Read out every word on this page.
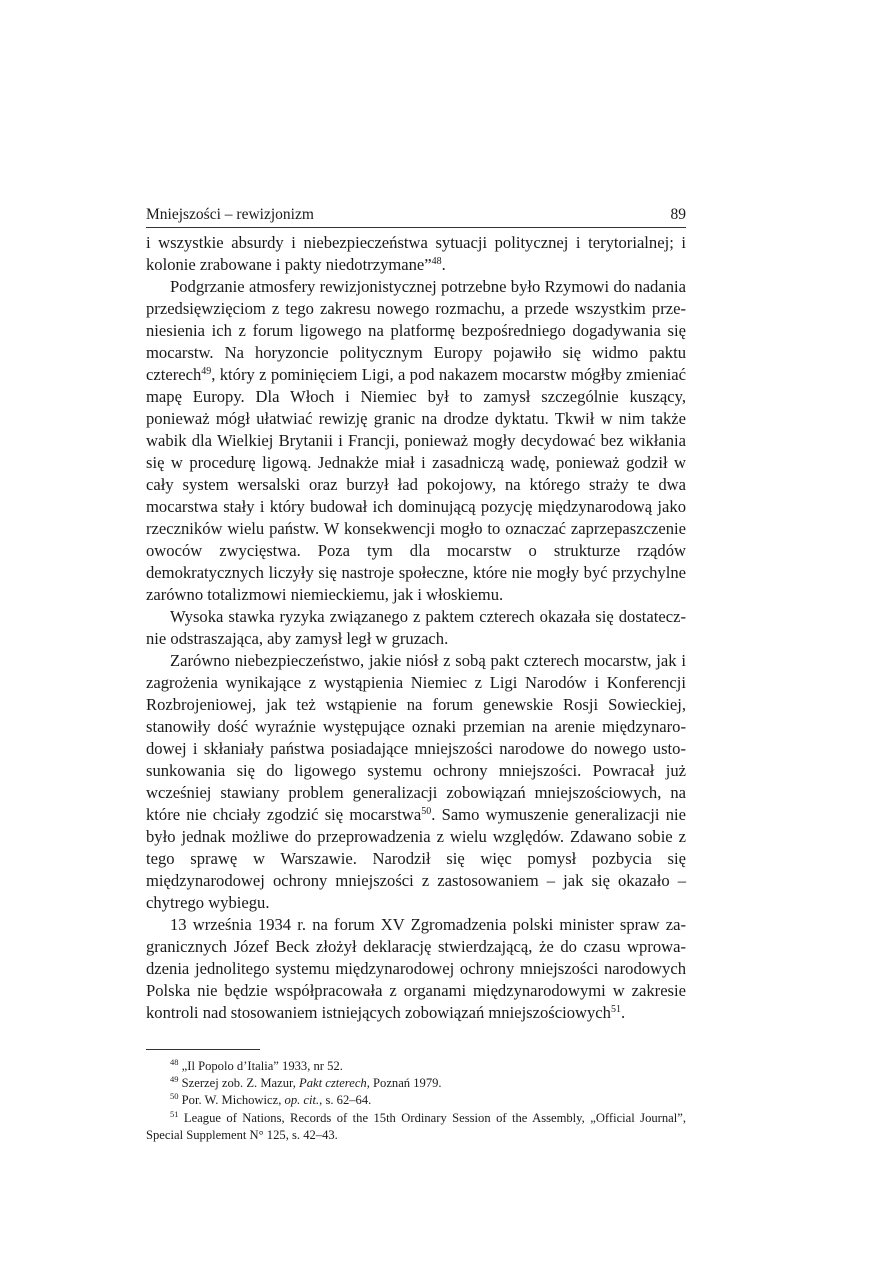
Mniejszości – rewizjonizm	89

i wszystkie absurdy i niebezpieczeństwa sytuacji politycznej i terytorialnej; i kolonie zrabowane i pakty niedotrzymane”$^{48}$.

Podgrzanie atmosfery rewizjonistycznej potrzebne było Rzymowi do nadania przedsięwzięciom z tego zakresu nowego rozmachu, a przede wszystkim przeniesienia ich z forum ligowego na platformę bezpośredniego dogadywania się mocarstw. Na horyzoncie politycznym Europy pojawiło się widmo paktu czterech$^{49}$, który z pominięciem Ligi, a pod nakazem mocarstw mógłby zmieniać mapę Europy. Dla Włoch i Niemiec był to zamysł szczególnie kuszący, ponieważ mógł ułatwiać rewizję granic na drodze dyktatu. Tkwił w nim także wabik dla Wielkiej Brytanii i Francji, ponieważ mogły decydować bez wikłania się w procedurę ligową. Jednakże miał i zasadniczą wadę, ponieważ godził w cały system wersalski oraz burzył ład pokojowy, na którego straży te dwa mocarstwa stały i który budował ich dominującą pozycję międzynarodową jako rzeczników wielu państw. W konsekwencji mogło to oznaczać zaprzepaszczenie owoców zwycięstwa. Poza tym dla mocarstw o strukturze rządów demokratycznych liczyły się nastroje społeczne, które nie mogły być przychylne zarówno totalizmowi niemieckiemu, jak i włoskiemu.

Wysoka stawka ryzyka związanego z paktem czterech okazała się dostatecznie odstraszająca, aby zamysł legł w gruzach.

Zarówno niebezpieczeństwo, jakie niósł z sobą pakt czterech mocarstw, jak i zagrożenia wynikające z wystąpienia Niemiec z Ligi Narodów i Konferencji Rozbrojeniowej, jak też wstąpienie na forum genewskie Rosji Sowieckiej, stanowiły dość wyraźnie występujące oznaki przemian na arenie międzynarodowej i skłaniały państwa posiadające mniejszości narodowe do nowego ustosunkowania się do ligowego systemu ochrony mniejszości. Powracał już wcześniej stawiany problem generalizacji zobowiązań mniejszościowych, na które nie chciały zgodzić się mocarstwa$^{50}$. Samo wymuszenie generalizacji nie było jednak możliwe do przeprowadzenia z wielu względów. Zdawano sobie z tego sprawę w Warszawie. Narodził się więc pomysł pozbycia się międzynarodowej ochrony mniejszości z zastosowaniem – jak się okazało – chytrego wybiegu.

13 września 1934 r. na forum XV Zgromadzenia polski minister spraw zagranicznych Józef Beck złożył deklarację stwierdzającą, że do czasu wprowadzenia jednolitego systemu międzynarodowej ochrony mniejszości narodowych Polska nie będzie współpracowała z organami międzynarodowymi w zakresie kontroli nad stosowaniem istniejących zobowiązań mniejszościowych$^{51}$.

$^{48}$ „Il Popolo d’Italia” 1933, nr 52.

$^{49}$ Szerzej zob. Z. Mazur, Pakt czterech, Poznań 1979.

$^{50}$ Por. W. Michowicz, op. cit., s. 62–64.

$^{51}$ League of Nations, Records of the 15th Ordinary Session of the Assembly, „Official Journal”, Special Supplement N° 125, s. 42–43.
